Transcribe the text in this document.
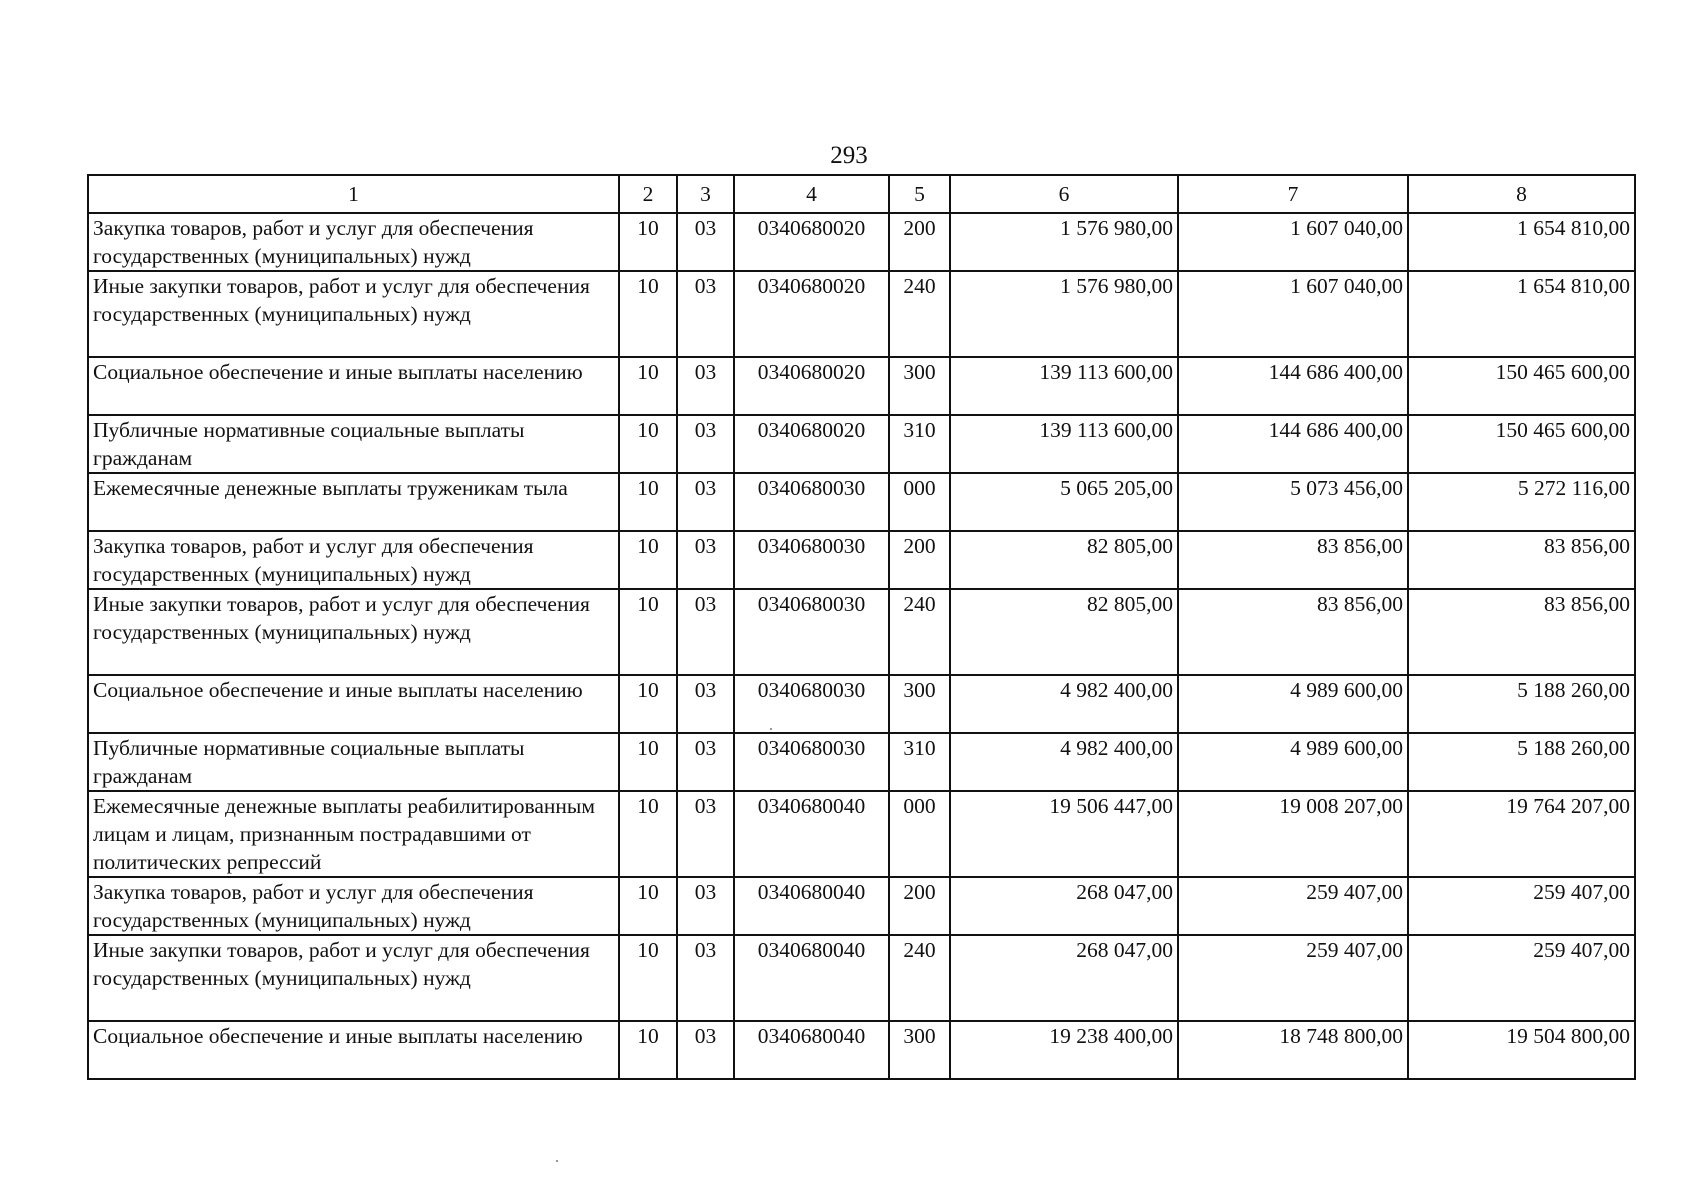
293
1	2	3	4	5	6	7	8
Закупка товаров, работ и услуг для обеспечения государственных (муниципальных) нужд	10	03	0340680020	200	1 576 980,00	1 607 040,00	1 654 810,00
Иные закупки товаров, работ и услуг для обеспечения государственных (муниципальных) нужд	10	03	0340680020	240	1 576 980,00	1 607 040,00	1 654 810,00
Социальное обеспечение и иные выплаты населению	10	03	0340680020	300	139 113 600,00	144 686 400,00	150 465 600,00
Публичные нормативные социальные выплаты гражданам	10	03	0340680020	310	139 113 600,00	144 686 400,00	150 465 600,00
Ежемесячные денежные выплаты труженикам тыла	10	03	0340680030	000	5 065 205,00	5 073 456,00	5 272 116,00
Закупка товаров, работ и услуг для обеспечения государственных (муниципальных) нужд	10	03	0340680030	200	82 805,00	83 856,00	83 856,00
Иные закупки товаров, работ и услуг для обеспечения государственных (муниципальных) нужд	10	03	0340680030	240	82 805,00	83 856,00	83 856,00
Социальное обеспечение и иные выплаты населению	10	03	0340680030	300	4 982 400,00	4 989 600,00	5 188 260,00
Публичные нормативные социальные выплаты гражданам	10	03	0340680030	310	4 982 400,00	4 989 600,00	5 188 260,00
Ежемесячные денежные выплаты реабилитированным лицам и лицам, признанным пострадавшими от политических репрессий	10	03	0340680040	000	19 506 447,00	19 008 207,00	19 764 207,00
Закупка товаров, работ и услуг для обеспечения государственных (муниципальных) нужд	10	03	0340680040	200	268 047,00	259 407,00	259 407,00
Иные закупки товаров, работ и услуг для обеспечения государственных (муниципальных) нужд	10	03	0340680040	240	268 047,00	259 407,00	259 407,00
Социальное обеспечение и иные выплаты населению	10	03	0340680040	300	19 238 400,00	18 748 800,00	19 504 800,00
